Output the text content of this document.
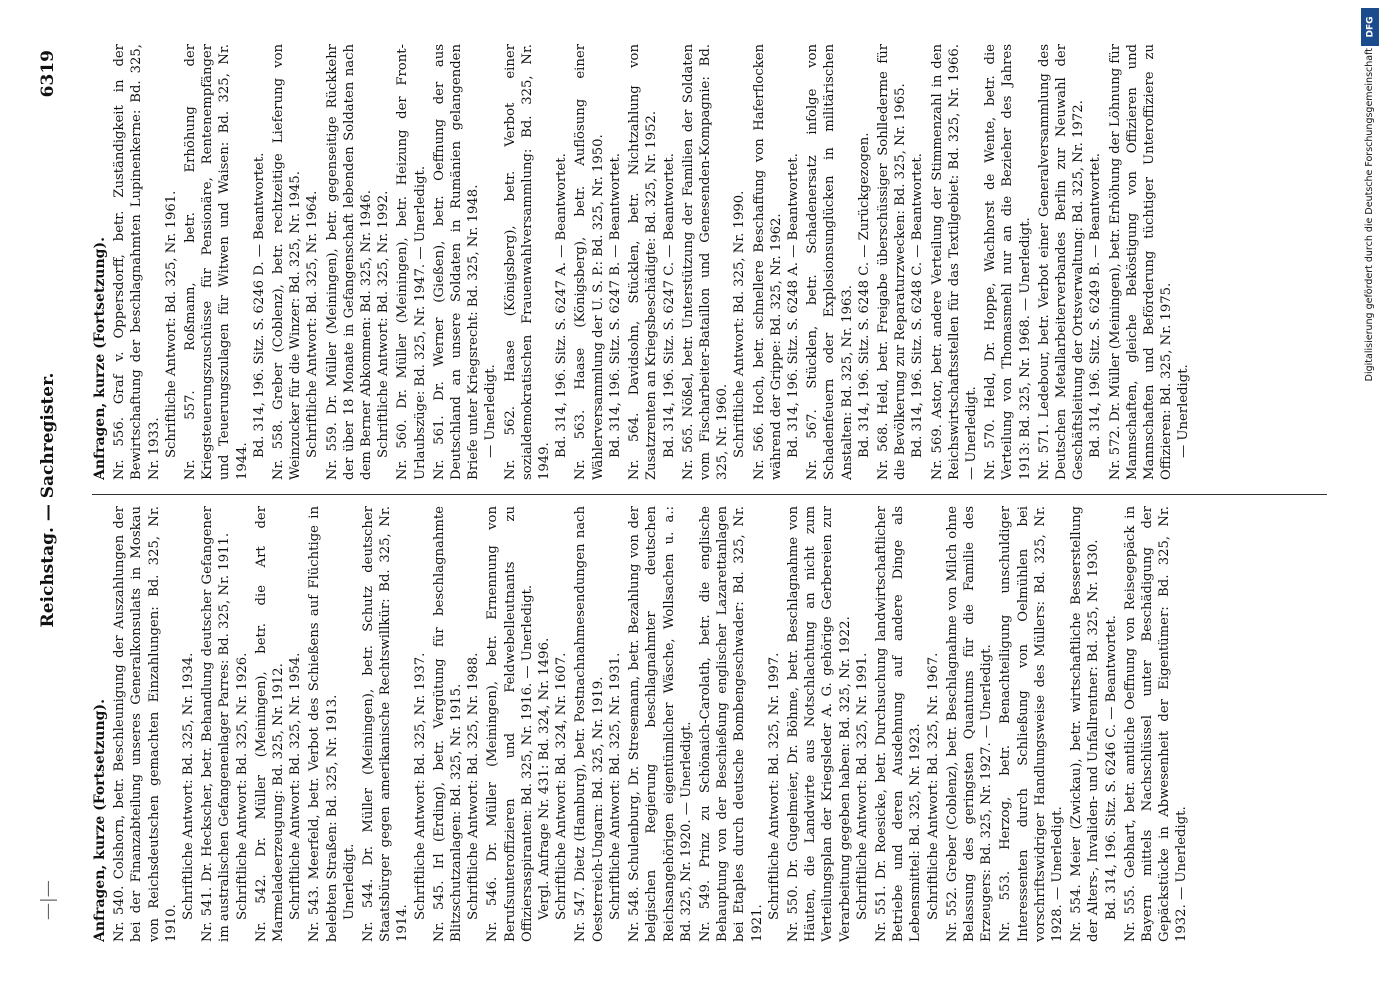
—|—
Reichstag. — Sachregister.
6319
Anfragen, kurze (Fortsetzung). Nr. 540. Colshorn, betr. Beschleunigung der Auszahlungen der bei der Finanzabteilung unseres Generalkonsulats in Moskau von Reichsdeutschen gemachten Einzahlungen: Bd. 325, Nr. 1910.
Schriftliche Antwort: Bd. 325, Nr. 1934. Nr. 541. Dr. Heckscher, betr. Behandlung deutscher Gefangener im australischen Gefangenenlager Parres: Bd. 325, Nr. 1911. Schriftliche Antwort: Bd. 325, Nr. 1926. Nr. 542. Dr. Müller (Meiningen), betr. die Art der Marmeladeerzeugung: Bd. 325, Nr. 1912. Schriftliche Antwort: Bd. 325, Nr. 1954. Nr. 543. Meerfeld, betr. Verbot des Schießens auf Flüchtige in belebten Straßen: Bd. 325, Nr. 1913. Unerledigt. Nr. 544. Dr. Müller (Meiningen), betr. Schutz deutscher Staatsbürger gegen amerikanische Rechtswillkür: Bd. 325, Nr. 1914.
Schriftliche Antwort: Bd. 325, Nr. 1937. Nr. 545. Irl (Erding), betr. Vergütung für beschlagnahmte Blitzschutzanlagen: Bd. 325, Nr. 1915. Schriftliche Antwort: Bd. 325, Nr. 1988. Nr. 546. Dr. Müller (Meiningen), betr. Ernennung von Berufsunteroffizieren und Feldwebelleutnants zu Offiziersaspiranten: Bd. 325, Nr. 1916. — Unerledigt. Vergl. Anfrage Nr. 431: Bd. 324, Nr. 1496. Schriftliche Antwort: Bd. 324, Nr. 1607. Nr. 547. Dietz (Hamburg), betr. Postnachnahmesendungen nach Oesterreich-Ungarn: Bd. 325, Nr. 1919. Schriftliche Antwort: Bd. 325, Nr. 1931. Nr. 548. Schulenburg, Dr. Stresemann, betr. Bezahlung von der belgischen Regierung beschlagnahmter deutschen Reichsangehörigen eigentümlicher Wäsche, Wollsachen u. a.: Bd. 325, Nr. 1920. — Unerledigt. Nr. 549. Prinz zu Schönaich-Carolath, betr. die englische Behauptung von der Beschießung englischer Lazarettanlagen bei Etaples durch deutsche Bombengeschwader: Bd. 325, Nr. 1921.
Schriftliche Antwort: Bd. 325, Nr. 1997. Nr. 550. Dr. Gugelmeier, Dr. Böhme, betr. Beschlagnahme von Häuten, die Landwirte aus Notschlachtung an nicht zum Verteilungsplan der Kriegsleder A. G. gehörige Gerbereien zur Verarbeitung gegeben haben: Bd. 325, Nr. 1922. Schriftliche Antwort: Bd. 325, Nr. 1991. Nr. 551. Dr. Roesicke, betr. Durchsuchung landwirtschaftlicher Betriebe und deren Ausdehnung auf andere Dinge als Lebensmittel: Bd. 325, Nr. 1923. Schriftliche Antwort: Bd. 325, Nr. 1967. Nr. 552. Greber (Coblenz), betr. Beschlagnahme von Milch ohne Belassung des geringsten Quantums für die Familie des Erzeugers: Bd. 325, Nr. 1927. — Unerledigt. Nr. 553. Herzog, betr. Benachteiligung unschuldiger Interessenten durch Schließung von Oelmühlen bei vorschriftswidriger Handlungsweise des Müllers: Bd. 325, Nr. 1928. — Unerledigt. Nr. 554. Meier (Zwickau), betr. wirtschaftliche Besserstellung der Alters-, Invaliden- und Unfallrentner: Bd. 325, Nr. 1930. Bd. 314, 196. Sitz. S. 6246 C. — Beantwortet. Nr. 555. Gebhart, betr. amtliche Oeffnung von Reisegepäck in Bayern mittels Nachschlüssel unter Beschädigung der Gepäckstücke in Abwesenheit der Eigentümer: Bd. 325, Nr. 1932. — Unerledigt.
Anfragen, kurze (Fortsetzung). Nr. 556. Graf v. Oppersdorff, betr. Zuständigkeit in der Bewirtschaftung der beschlagnahmten Lupinenkerne: Bd. 325, Nr. 1933. Schriftliche Antwort: Bd. 325, Nr. 1961. Nr. 557. Roßmann, betr. Erhöhung der Kriegsteuerungszuschüsse für Pensionäre, Rentenempfänger und Teuerungszulagen für Witwen und Waisen: Bd. 325, Nr. 1944.
Bd. 314, 196. Sitz. S. 6246 D. — Beantwortet. Nr. 558. Greber (Coblenz), betr. rechtzeitige Lieferung von Weinzucker für die Winzer: Bd. 325, Nr. 1945. Schriftliche Antwort: Bd. 325, Nr. 1964. Nr. 559. Dr. Müller (Meiningen), betr. gegenseitige Rückkehr der über 18 Monate in Gefangenschaft lebenden Soldaten nach dem Berner Abkommen: Bd. 325, Nr. 1946. Schriftliche Antwort: Bd. 325, Nr. 1992. Nr. 560. Dr. Müller (Meiningen), betr. Heizung der Front-Urlaubszüge: Bd. 325, Nr. 1947. — Unerledigt. Nr. 561. Dr. Werner (Gießen), betr. Oeffnung der aus Deutschland an unsere Soldaten in Rumänien gelangenden Briefe unter Kriegsrecht: Bd. 325, Nr. 1948. — Unerledigt. Nr. 562. Haase (Königsberg), betr. Verbot einer sozialdemokratischen Frauenwahlversammlung: Bd. 325, Nr. 1949.
Bd. 314, 196. Sitz. S. 6247 A. — Beantwortet. Nr. 563. Haase (Königsberg), betr. Auflösung einer Wählerversammlung der U. S. P.: Bd. 325, Nr. 1950. Bd. 314, 196. Sitz. S. 6247 B. — Beantwortet. Nr. 564. Davidsohn, Stücklen, betr. Nichtzahlung von Zusatzrenten an Kriegsbeschädigte: Bd. 325, Nr. 1952. Bd. 314, 196. Sitz. S. 6247 C. — Beantwortet. Nr. 565. Nößel, betr. Unterstützung der Familien der Soldaten vom Fischarbeiter-Bataillon und Genesenden-Kompagnie: Bd. 325, Nr. 1960. Schriftliche Antwort: Bd. 325, Nr. 1990. Nr. 566. Hoch, betr. schnellere Beschaffung von Haferflocken während der Grippe: Bd. 325, Nr. 1962. Bd. 314, 196. Sitz. S. 6248 A. — Beantwortet. Nr. 567. Stücklen, betr. Schadenersatz infolge von Schadenfeuern oder Explosionsunglücken in militärischen Anstalten: Bd. 325, Nr. 1963. Bd. 314, 196. Sitz. S. 6248 C. — Zurückgezogen. Nr. 568. Held, betr. Freigabe überschüssiger Sohllederme für die Bevölkerung zur Reparaturzwecken: Bd. 325, Nr. 1965. Bd. 314, 196. Sitz. S. 6248 C. — Beantwortet. Nr. 569. Astor, betr. andere Verteilung der Stimmenzahl in den Reichswirtschaftsstellen für das Textilgebiet: Bd. 325, Nr. 1966. — Unerledigt. Nr. 570. Held, Dr. Hoppe, Wachhorst de Wente, betr. die Verteilung von Thomasmehl nur an die Bezieher des Jahres 1913: Bd. 325, Nr. 1968. — Unerledigt. Nr. 571. Ledebour, betr. Verbot einer Generalversammlung des Deutschen Metallarbeiterverbandes Berlin zur Neuwahl der Geschäftsleitung der Ortsverwaltung: Bd. 325, Nr. 1972. Bd. 314, 196. Sitz. S. 6249 B. — Beantwortet. Nr. 572. Dr. Müller (Meiningen), betr. Erhöhung der Löhnung für Mannschaften, gleiche Beköstigung von Offizieren und Mannschaften und Beförderung tüchtiger Unteroffiziere zu Offizieren: Bd. 325, Nr. 1975. — Unerledigt.
Digitalisierung gefördert durch die Deutsche Forschungsgemeinschaft
DFG
